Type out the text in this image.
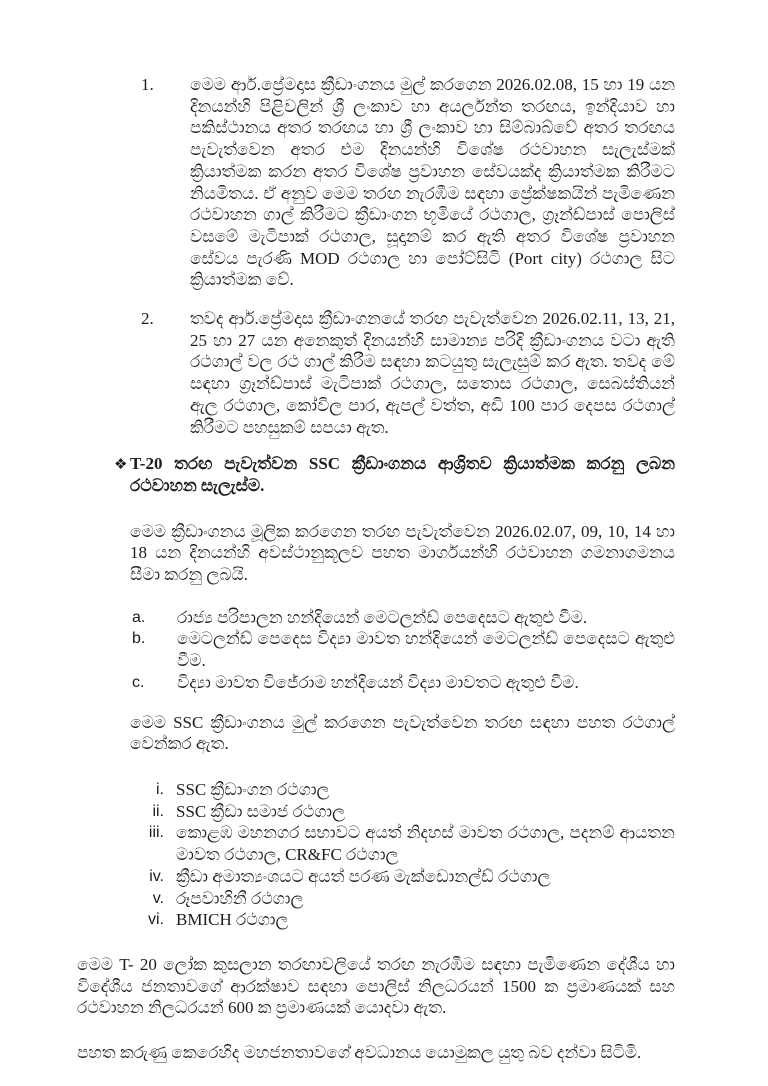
1.	මෙම ආර්.ප්‍රේමදාස ක්‍රීඩාංගනය මුල් කරගෙන 2026.02.08, 15 හා 19 යන දිනයන්හි පිළිවලින් ශ්‍රී ලංකාව හා අයර්ලන්ත තරඟය, ඉන්දියාව හා පකිස්ථානය අතර තරඟය හා ශ්‍රී ලංකාව හා සිම්බාබ්වේ අතර තරඟය පැවැත්වෙන අතර එම දිනයන්හි විශේෂ රථවාහන සැලැස්මක් ක්‍රියාත්මක කරන අතර විශේෂ ප්‍රවාහන සේවයක්ද ක්‍රියාත්මක කිරීමට නියමිතය. ඒ අනුව මෙම තරඟ නැරඹීම සඳහා ප්‍රේක්ෂකයින් පැමිණෙන රථවාහන ගාල් කිරීමට ක්‍රීඩාංගන භූමියේ රථගාල, ග්‍රෑන්ඩ්පාස් පොලිස් වසමේ මැටිපාක් රථගාල, සූදානම් කර ඇති අතර විශේෂ ප්‍රවාහන සේවය පැරණි MOD රථගාල හා පෝට්සිටි (Port city) රථගාල සිට ක්‍රියාත්මක වේ.
2.	තවද ආර්.ප්‍රේමදාස ක්‍රීඩාංගනයේ තරඟ පැවැත්වෙන 2026.02.11, 13, 21, 25 හා 27 යන අනෙකුත් දිනයන්හි සාමාන්‍ය පරිදි ක්‍රීඩාංගනය වටා ඇති රථගාල් වල රථ ගාල් කිරීම සඳහා කටයුතු සැලැසුම් කර ඇත. තවද මේ සඳහා ග්‍රෑන්ඩ්පාස් මැටිපාක් රථගාල, සතොස රථගාල, සෙබස්තියන් ඇල රථගාල, කෝවිල පාර, ඇපල් වත්ත, අඩි 100 පාර දෙපස රථගාල් කිරීමට පහසුකම් සපයා ඇත.
❖ T-20 තරඟ පැවැත්වන SSC ක්‍රීඩාංගනය ආශ්‍රිතව ක්‍රියාත්මක කරනු ලබන රථවාහන සැලැස්ම.
මෙම ක්‍රීඩාංගනය මූලික කරගෙන තරඟ පැවැත්වෙන 2026.02.07, 09, 10, 14 හා 18 යන දිනයන්හි අවස්ථානුකූලව පහත මාර්ගයන්හි රථවාහන ගමනාගමනය සීමා කරනු ලබයි.
a.	රාජ්‍ය පරිපාලන හන්දියෙන් මෙටලන්ඩ් පෙදෙසට ඇතුළු වීම.
b.	මෙටලන්ඩ් පෙදෙස විද්‍යා මාවත හන්දියෙන් මෙටලන්ඩ් පෙදෙසට ඇතුළු වීම.
c.	විද්‍යා මාවත විජේරාම හන්දියෙන් විද්‍යා මාවතට ඇතුළු වීම.
මෙම SSC ක්‍රීඩාංගනය මුල් කරගෙන පැවැත්වෙන තරඟ සඳහා පහත රථගාල් වෙන්කර ඇත.
i. SSC ක්‍රීඩාංගන රථගාල
ii. SSC ක්‍රීඩා සමාජ රථගාල
iii. කොළඹ මහනගර සභාවට අයත් නිදහස් මාවත රථගාල, පදනම් ආයතන මාවත රථගාල, CR&FC රථගාල
iv. ක්‍රීඩා අමාත්‍යංශයට අයත් පරණ මැක්ඩොනල්ඩ් රථගාල
v. රූපවාහිනී රථගාල
vi. BMICH රථගාල
මෙම T- 20 ලෝක කුසලාන තරඟාවලියේ තරඟ නැරඹීම සඳහා පැමිණෙන දේශීය හා විදේශීය ජනතාවගේ ආරක්ෂාව සඳහා පොලිස් නිලධරයන් 1500 ක ප්‍රමාණයක් සහ රථවාහන නිලධරයන් 600 ක ප්‍රමාණයක් යොදවා ඇත.
පහත කරුණු කෙරෙහිද මහජනතාවගේ අවධානය යොමුකල යුතු බව දන්වා සිටිමි.
